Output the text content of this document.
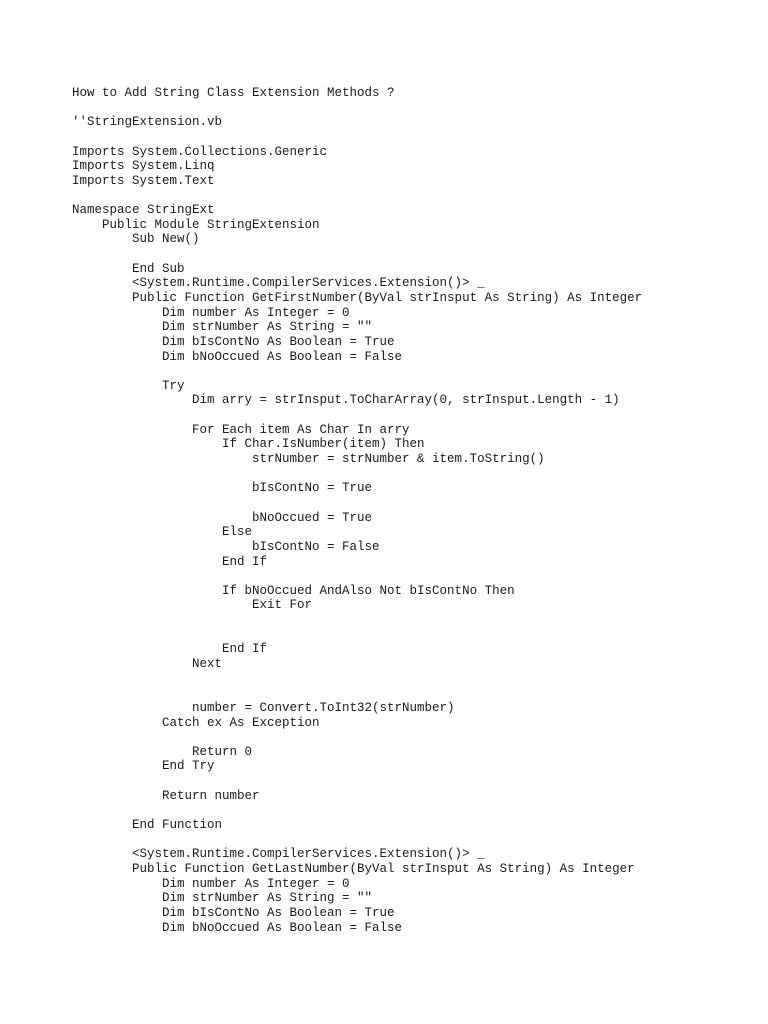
How to Add String Class Extension Methods ?
''StringExtension.vb
Imports System.Collections.Generic
Imports System.Linq
Imports System.Text
Namespace StringExt
Public Module StringExtension
Sub New()
End Sub
<System.Runtime.CompilerServices.Extension()> _
Public Function GetFirstNumber(ByVal strInsput As String) As Integer
Dim number As Integer = 0
Dim strNumber As String = ""
Dim bIsContNo As Boolean = True
Dim bNoOccued As Boolean = False
Try
Dim arry = strInsput.ToCharArray(0, strInsput.Length - 1)
For Each item As Char In arry
If Char.IsNumber(item) Then
strNumber = strNumber & item.ToString()
bIsContNo = True
bNoOccued = True
Else
bIsContNo = False
End If
If bNoOccued AndAlso Not bIsContNo Then
Exit For
End If
Next
number = Convert.ToInt32(strNumber)
Catch ex As Exception
Return 0
End Try
Return number
End Function
<System.Runtime.CompilerServices.Extension()> _
Public Function GetLastNumber(ByVal strInsput As String) As Integer
Dim number As Integer = 0
Dim strNumber As String = ""
Dim bIsContNo As Boolean = True
Dim bNoOccued As Boolean = False
